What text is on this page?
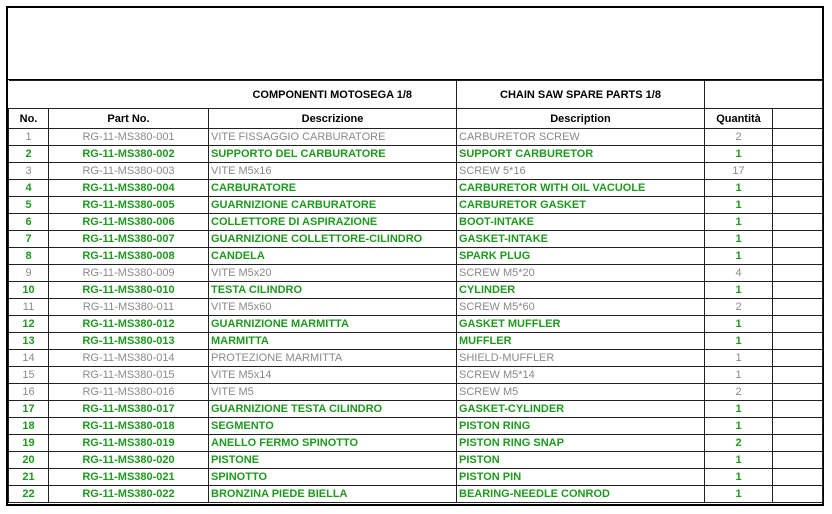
		COMPONENTI MOTOSEGA 1/8	CHAIN SAW SPARE PARTS 1/8		
No.	Part No.	Descrizione	Description	Quantità	
1	RG-11-MS380-001	VITE FISSAGGIO CARBURATORE	CARBURETOR SCREW	2	
2	RG-11-MS380-002	SUPPORTO DEL CARBURATORE	SUPPORT CARBURETOR	1	
3	RG-11-MS380-003	VITE M5x16	SCREW 5*16	17	
4	RG-11-MS380-004	CARBURATORE	CARBURETOR WITH OIL VACUOLE	1	
5	RG-11-MS380-005	GUARNIZIONE CARBURATORE	CARBURETOR GASKET	1	
6	RG-11-MS380-006	COLLETTORE DI ASPIRAZIONE	BOOT-INTAKE	1	
7	RG-11-MS380-007	GUARNIZIONE COLLETTORE-CILINDRO	GASKET-INTAKE	1	
8	RG-11-MS380-008	CANDELA	SPARK PLUG	1	
9	RG-11-MS380-009	VITE M5x20	SCREW M5*20	4	
10	RG-11-MS380-010	TESTA CILINDRO	CYLINDER	1	
11	RG-11-MS380-011	VITE M5x60	SCREW M5*60	2	
12	RG-11-MS380-012	GUARNIZIONE MARMITTA	GASKET MUFFLER	1	
13	RG-11-MS380-013	MARMITTA	MUFFLER	1	
14	RG-11-MS380-014	PROTEZIONE MARMITTA	SHIELD-MUFFLER	1	
15	RG-11-MS380-015	VITE M5x14	SCREW M5*14	1	
16	RG-11-MS380-016	VITE M5	SCREW M5	2	
17	RG-11-MS380-017	GUARNIZIONE TESTA CILINDRO	GASKET-CYLINDER	1	
18	RG-11-MS380-018	SEGMENTO	PISTON RING	1	
19	RG-11-MS380-019	ANELLO FERMO SPINOTTO	PISTON RING SNAP	2	
20	RG-11-MS380-020	PISTONE	PISTON	1	
21	RG-11-MS380-021	SPINOTTO	PISTON PIN	1	
22	RG-11-MS380-022	BRONZINA PIEDE BIELLA	BEARING-NEEDLE CONROD	1	
